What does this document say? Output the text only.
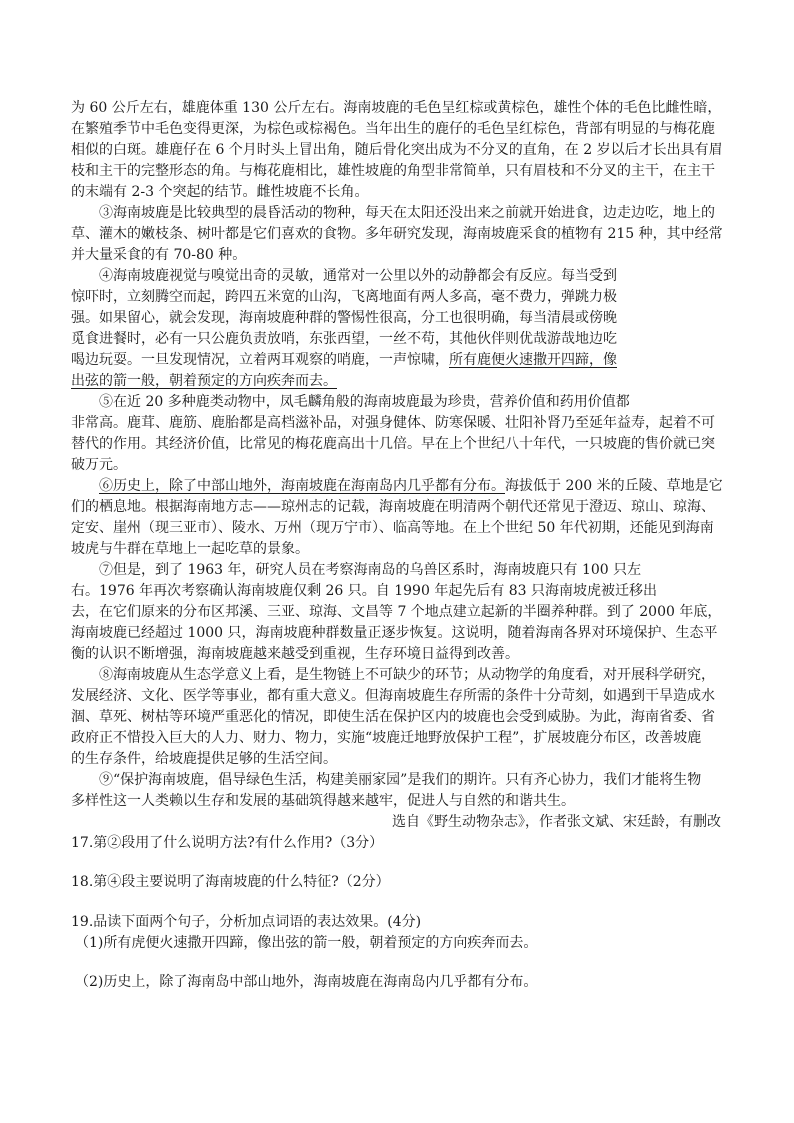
为 60 公斤左右，雄鹿体重 130 公斤左右。海南坡鹿的毛色呈红棕或黄棕色，雄性个体的毛色比雌性暗，
在繁殖季节中毛色变得更深，为棕色或棕褐色。当年出生的鹿仔的毛色呈红棕色，背部有明显的与梅花鹿
相似的白斑。雄鹿仔在 6 个月时头上冒出角，随后骨化突出成为不分叉的直角，在 2 岁以后才长出具有眉
枝和主干的完整形态的角。与梅花鹿相比，雄性坡鹿的角型非常简单，只有眉枝和不分叉的主干，在主干
的末端有 2-3 个突起的结节。雌性坡鹿不长角。
③海南坡鹿是比较典型的晨昏活动的物种，每天在太阳还没出来之前就开始进食，边走边吃，地上的
草、灌木的嫩枝条、树叶都是它们喜欢的食物。多年研究发现，海南坡鹿采食的植物有 215 种，其中经常
并大量采食的有 70-80 种。
④海南坡鹿视觉与嗅觉出奇的灵敏，通常对一公里以外的动静都会有反应。每当受到
惊吓时，立刻腾空而起，跨四五米宽的山沟，飞离地面有两人多高，毫不费力，弹跳力极
强。如果留心，就会发现，海南坡鹿种群的警惕性很高，分工也很明确，每当清晨或傍晚
觅食进餐时，必有一只公鹿负责放哨，东张西望，一丝不苟，其他伙伴则优哉游哉地边吃
喝边玩耍。一旦发现情况，立着两耳观察的哨鹿，一声惊啸，所有鹿便火速撒开四蹄，像
出弦的箭一般，朝着预定的方向疾奔而去。
⑤在近 20 多种鹿类动物中，凤毛麟角般的海南坡鹿最为珍贵，营养价值和药用价值都
非常高。鹿茸、鹿筋、鹿胎都是高档滋补品，对强身健体、防寒保暖、壮阳补肾乃至延年益寿，起着不可
替代的作用。其经济价值，比常见的梅花鹿高出十几倍。早在上个世纪八十年代，一只坡鹿的售价就已突
破万元。
⑥历史上，除了中部山地外，海南坡鹿在海南岛内几乎都有分布。海拔低于 200 米的丘陵、草地是它
们的栖息地。根据海南地方志——琼州志的记载，海南坡鹿在明清两个朝代还常见于澄迈、琼山、琼海、
定安、崖州（现三亚市）、陵水、万州（现万宁市）、临高等地。在上个世纪 50 年代初期，还能见到海南
坡虎与牛群在草地上一起吃草的景象。
⑦但是，到了 1963 年，研究人员在考察海南岛的乌兽区系时，海南坡鹿只有 100 只左
右。1976 年再次考察确认海南坡鹿仅剩 26 只。自 1990 年起先后有 83 只海南坡虎被迁移出
去，在它们原来的分布区邦溪、三亚、琼海、文昌等 7 个地点建立起新的半圈养种群。到了 2000 年底，
海南坡鹿已经超过 1000 只，海南坡鹿种群数量正逐步恢复。这说明，随着海南各界对环境保护、生态平
衡的认识不断增强，海南坡鹿越来越受到重视，生存环境日益得到改善。
⑧海南坡鹿从生态学意义上看，是生物链上不可缺少的环节；从动物学的角度看，对开展科学研究，
发展经济、文化、医学等事业，都有重大意义。但海南坡鹿生存所需的条件十分苛刻，如遇到干旱造成水
涸、草死、树枯等环境严重恶化的情况，即使生活在保护区内的坡鹿也会受到威胁。为此，海南省委、省
政府正不惜投入巨大的人力、财力、物力，实施“坡鹿迁地野放保护工程”，扩展坡鹿分布区，改善坡鹿
的生存条件，给坡鹿提供足够的生活空间。
⑨“保护海南坡鹿，倡导绿色生活，构建美丽家园”是我们的期许。只有齐心协力，我们才能将生物
多样性这一人类赖以生存和发展的基础筑得越来越牢，促进人与自然的和谐共生。
选自《野生动物杂志》，作者张文斌、宋廷龄，有删改
17.第②段用了什么说明方法?有什么作用?（3分）
18.第④段主要说明了海南坡鹿的什么特征?（2分）
19.品读下面两个句子，分析加点词语的表达效果。(4分)
（1)所有虎便火速撒开四蹄，像出弦的箭一般，朝着预定的方向疾奔而去。
（2)历史上，除了海南岛中部山地外，海南坡鹿在海南岛内几乎都有分布。
